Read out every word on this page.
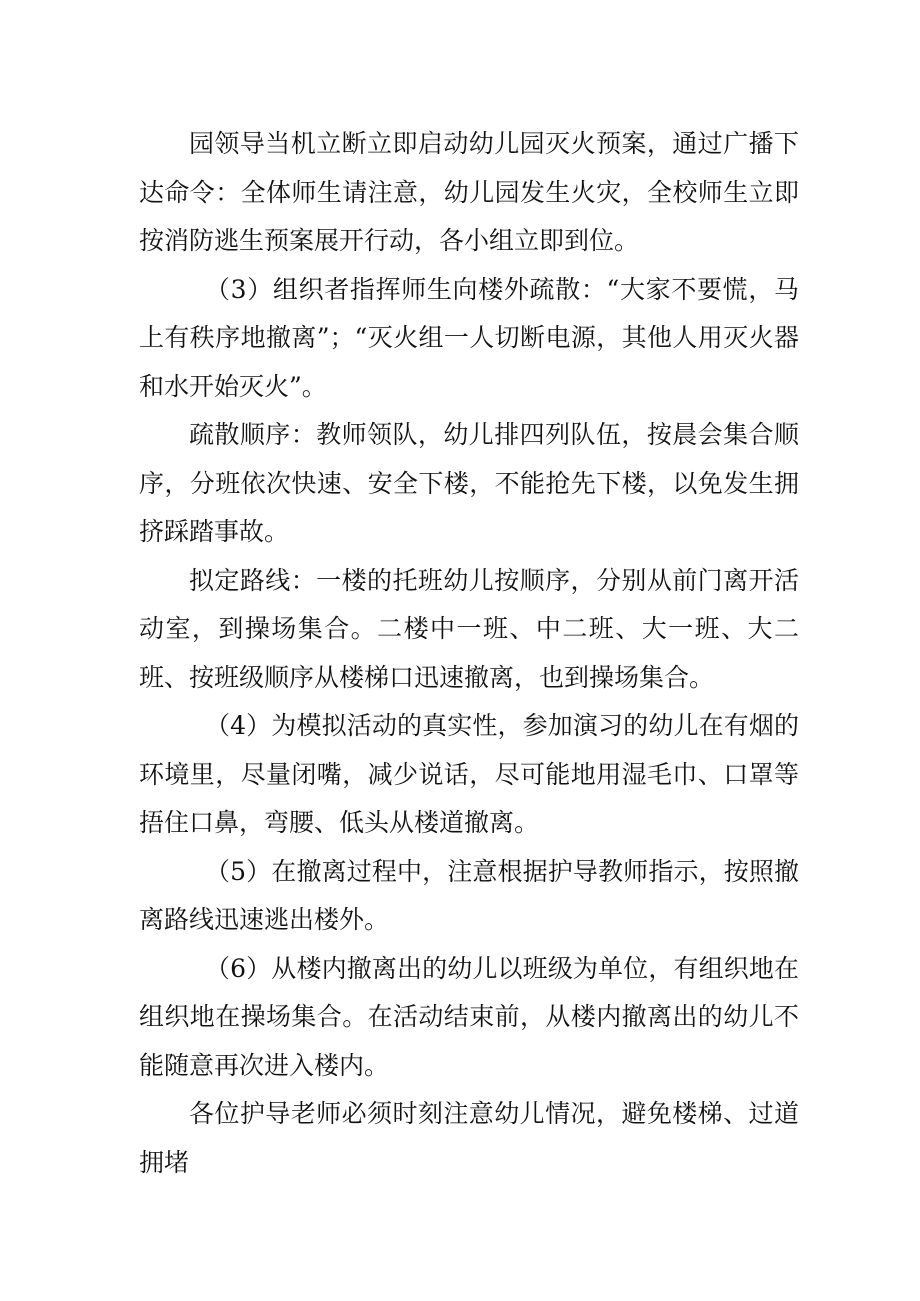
园领导当机立断立即启动幼儿园灭火预案，通过广播下达命令：全体师生请注意，幼儿园发生火灾，全校师生立即按消防逃生预案展开行动，各小组立即到位。

（3）组织者指挥师生向楼外疏散：“大家不要慌，马上有秩序地撤离”；“灭火组一人切断电源，其他人用灭火器和水开始灭火”。

疏散顺序：教师领队，幼儿排四列队伍，按晨会集合顺序，分班依次快速、安全下楼，不能抢先下楼，以免发生拥挤踩踏事故。

拟定路线：一楼的托班幼儿按顺序，分别从前门离开活动室，到操场集合。二楼中一班、中二班、大一班、大二班、按班级顺序从楼梯口迅速撤离，也到操场集合。

（4）为模拟活动的真实性，参加演习的幼儿在有烟的环境里，尽量闭嘴，减少说话，尽可能地用湿毛巾、口罩等捂住口鼻，弯腰、低头从楼道撤离。

（5）在撤离过程中，注意根据护导教师指示，按照撤离路线迅速逃出楼外。

（6）从楼内撤离出的幼儿以班级为单位，有组织地在组织地在操场集合。在活动结束前，从楼内撤离出的幼儿不能随意再次进入楼内。

各位护导老师必须时刻注意幼儿情况，避免楼梯、过道拥堵
